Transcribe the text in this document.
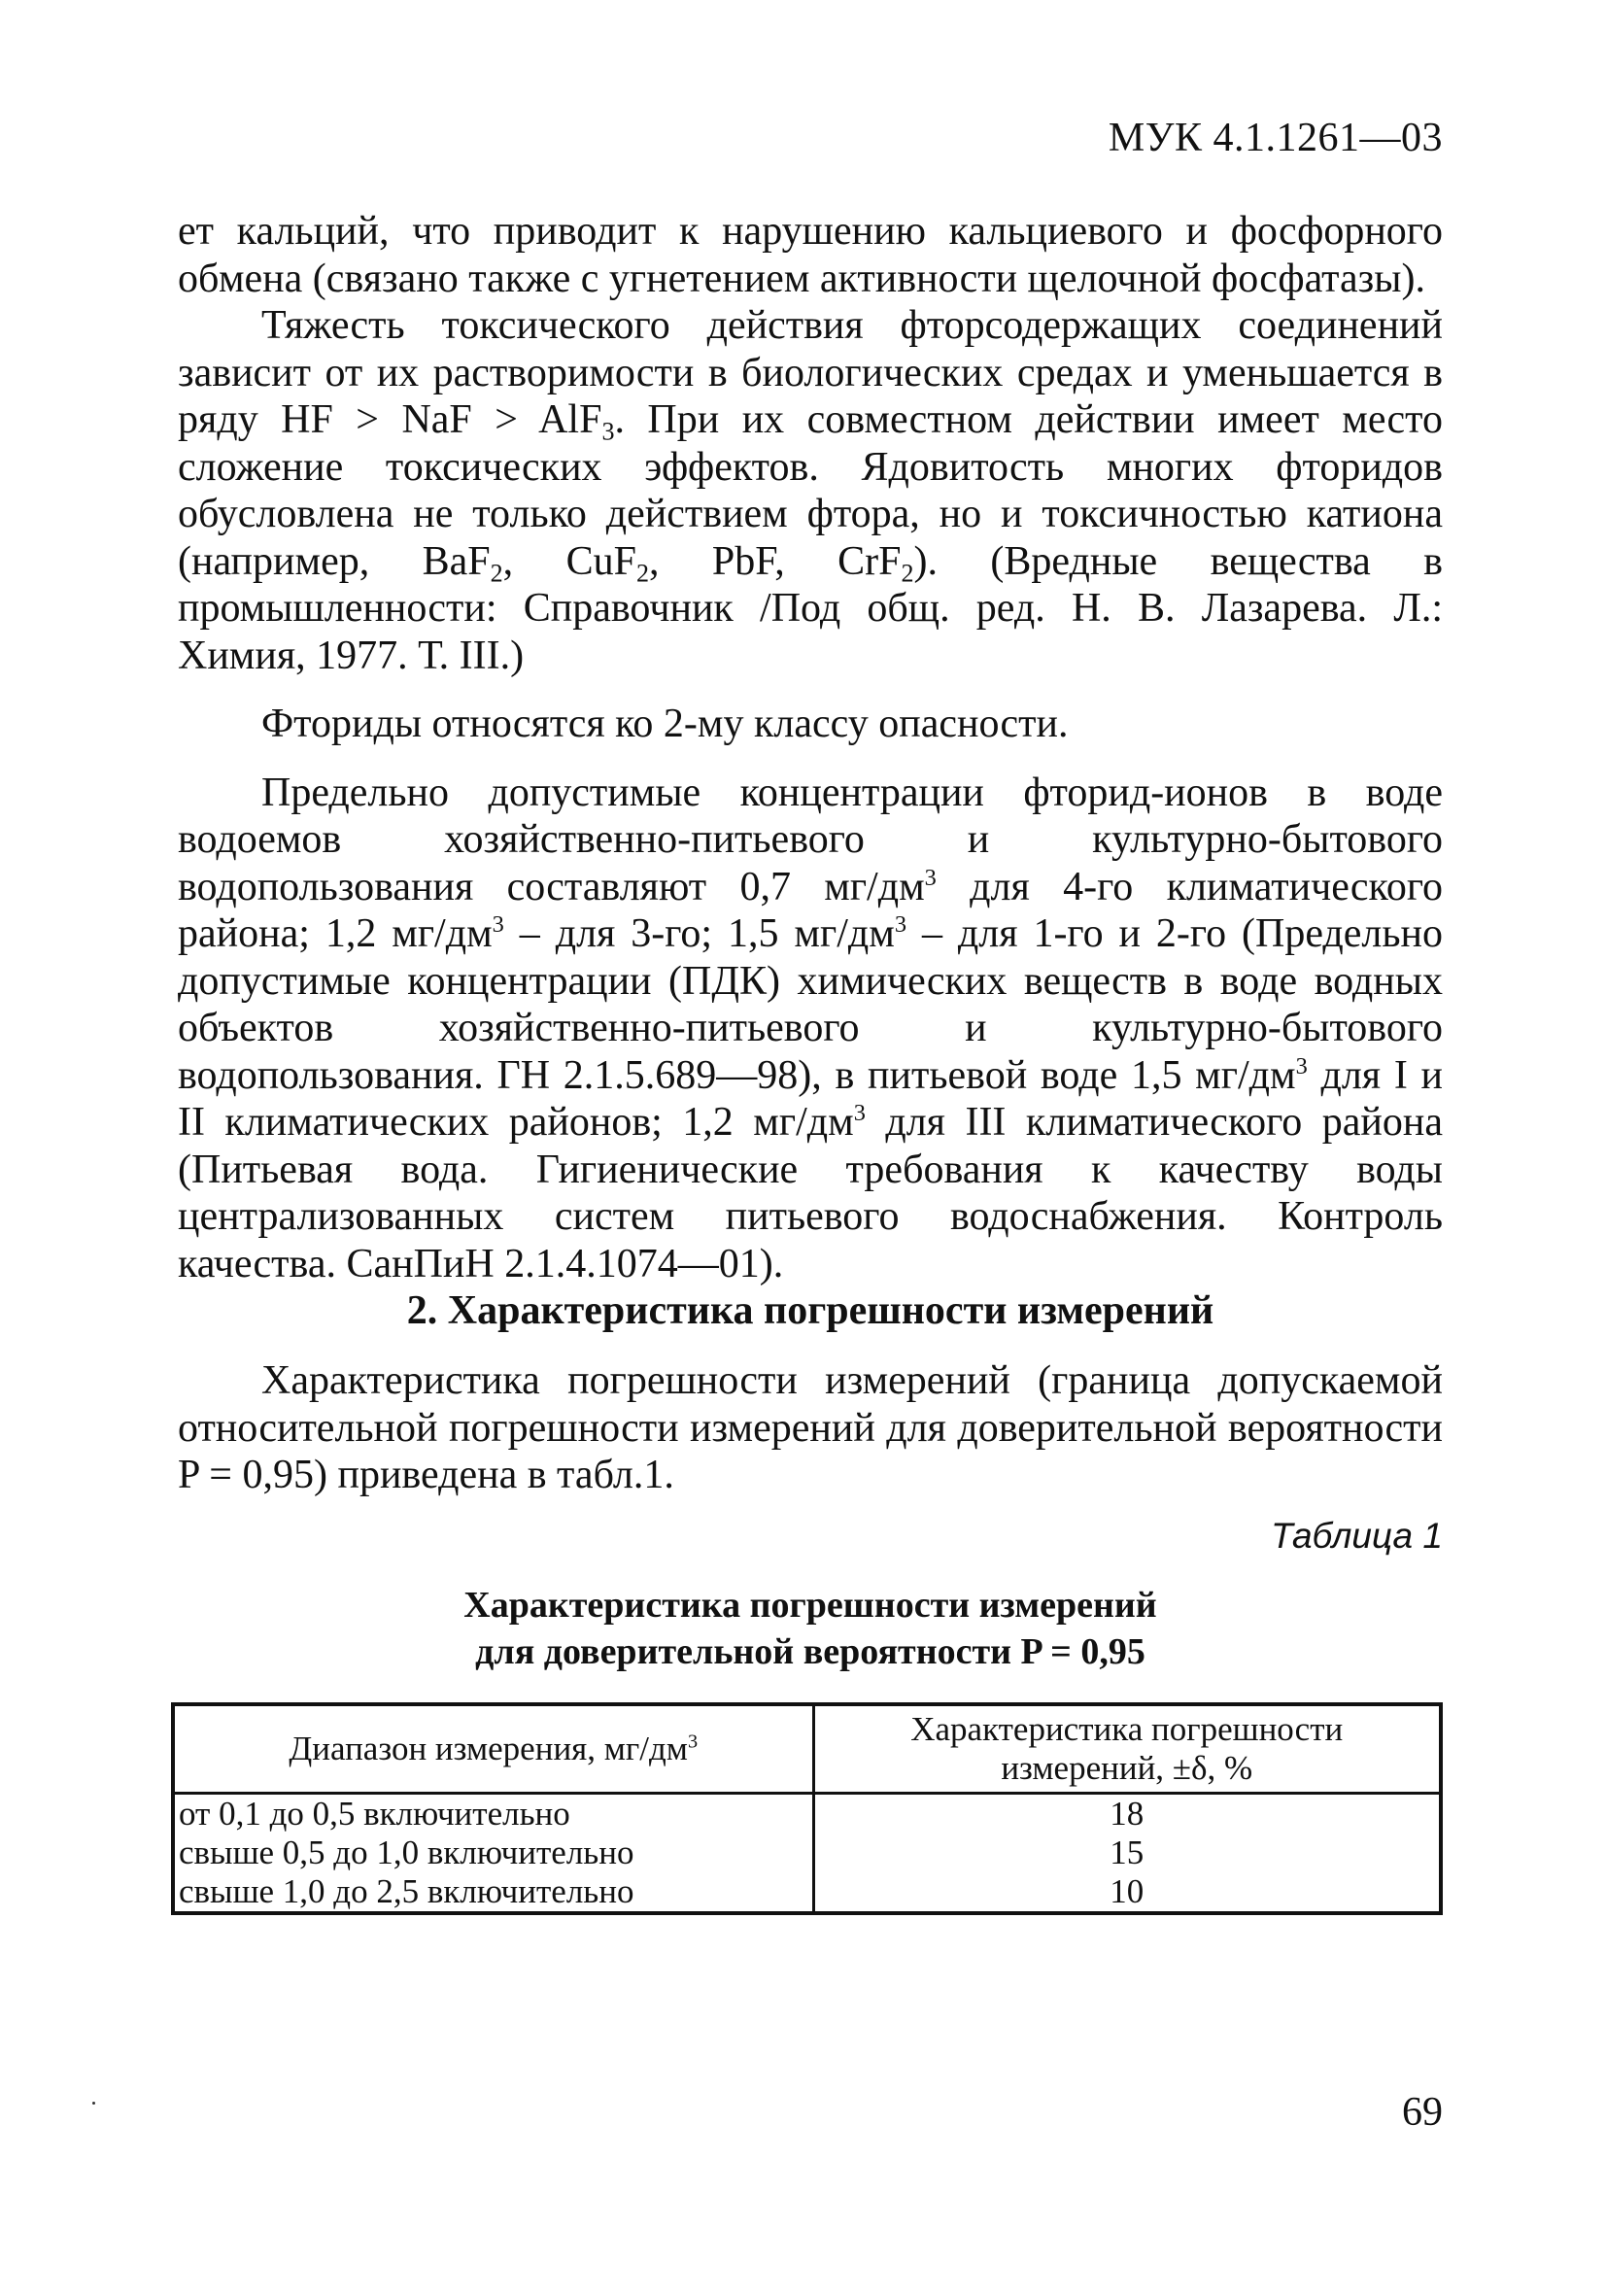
МУК 4.1.1261—03

ет кальций, что приводит к нарушению кальциевого и фосфорного обмена (связано также с угнетением активности щелочной фосфатазы).

Тяжесть токсического действия фторсодержащих соединений зависит от их растворимости в биологических средах и уменьшается в ряду HF > NaF > AlF$_3$. При их совместном действии имеет место сложение токсических эффектов. Ядовитость многих фторидов обусловлена не только действием фтора, но и токсичностью катиона (например, BaF$_2$, CuF$_2$, PbF, CrF$_2$). (Вредные вещества в промышленности: Справочник /Под общ. ред. Н. В. Лазарева. Л.: Химия, 1977. Т. III.)

Фториды относятся ко 2-му классу опасности.

Предельно допустимые концентрации фторид-ионов в воде водоемов хозяйственно-питьевого и культурно-бытового водопользования составляют 0,7 $мг/дм^3$ для 4-го климатического района; 1,2 $мг/дм^3$ – для 3-го; 1,5 $мг/дм^3$ – для 1-го и 2-го (Предельно допустимые концентрации (ПДК) химических веществ в воде водных объектов хозяйственно-питьевого и культурно-бытового водопользования. ГН 2.1.5.689—98), в питьевой воде 1,5 $мг/дм^3$ для I и II климатических районов; 1,2 $мг/дм^3$ для III климатического района (Питьевая вода. Гигиенические требования к качеству воды централизованных систем питьевого водоснабжения. Контроль качества. СанПиН 2.1.4.1074—01).

2. Характеристика погрешности измерений

Характеристика погрешности измерений (граница допускаемой относительной погрешности измерений для доверительной вероятности P = 0,95) приведена в табл.1.

Таблица 1
Характеристика погрешности измерений
для доверительной вероятности P = 0,95
Диапазон измерения, $мг/дм^3$	Характеристика погрешности
измерений, ±δ, %

от 0,1 до 0,5 включительно	18
свыше 0,5 до 1,0 включительно	15
свыше 1,0 до 2,5 включительно	10
69
